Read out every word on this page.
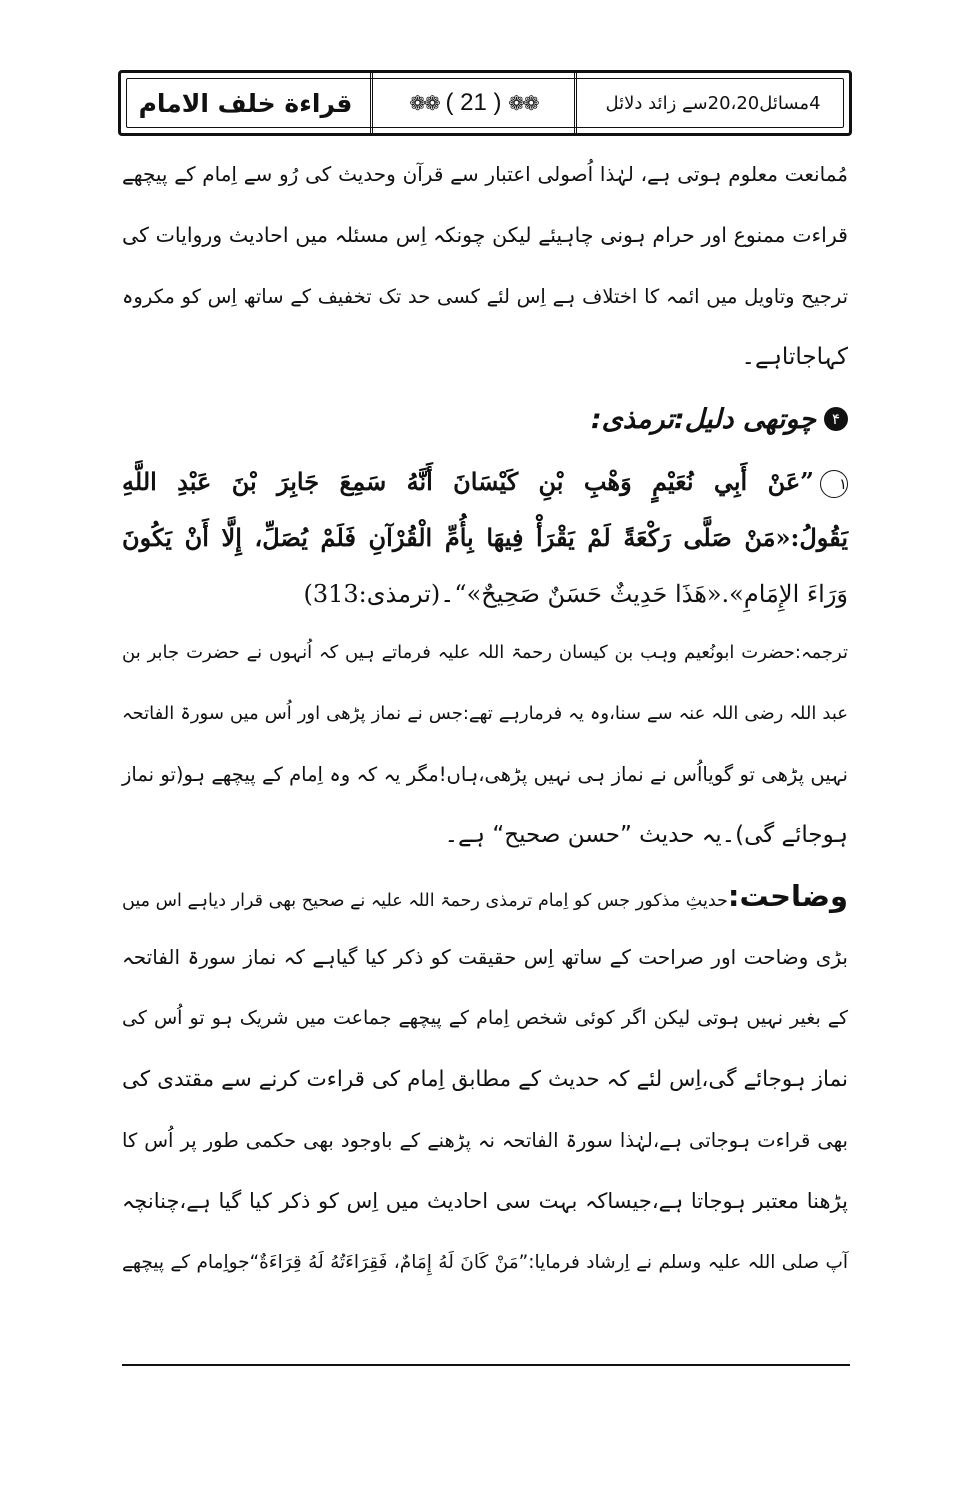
قراءة خلف الامام	❁❁ ( 21 ) ❁❁	4مسائل20،20سے زائد دلائل
مُمانعت معلوم ہوتی ہے، لہٰذا اُصولی اعتبار سے قرآن وحدیث کی رُو سے اِمام کے پیچھے
قراءت ممنوع اور حرام ہونی چاہیئے لیکن چونکہ اِس مسئلہ میں احادیث وروایات کی
ترجیح وتاویل میں ائمہ کا اختلاف ہے اِس لئے کسی حد تک تخفیف کے ساتھ اِس کو مکروہ
کہاجاتاہے۔
۴
چوتھی دلیل:ترمذی:
۱”عَنْ أَبِي نُعَيْمٍ وَهْبِ بْنِ كَيْسَانَ أَنَّهُ سَمِعَ جَابِرَ بْنَ عَبْدِ اللَّهِ
يَقُولُ:«مَنْ صَلَّى رَكْعَةً لَمْ يَقْرَأْ فِيهَا بِأُمِّ الْقُرْآنِ فَلَمْ يُصَلِّ، إِلَّا أَنْ يَكُونَ
وَرَاءَ الإِمَامِ».«هَذَا حَدِيثٌ حَسَنٌ صَحِيحٌ»“۔(ترمذی:313)
ترجمہ:حضرت ابونُعیم وہب بن کیسان رحمۃ اللہ علیہ فرماتے ہیں کہ اُنہوں نے حضرت جابر بن
عبد اللہ رضی اللہ عنہ سے سنا،وہ یہ فرمارہے تھے:جس نے نماز پڑھی اور اُس میں سورۃ الفاتحہ
نہیں پڑھی تو گویااُس نے نماز ہی نہیں پڑھی،ہاں!مگر یہ کہ وہ اِمام کے پیچھے ہو(تو نماز
ہوجائے گی)۔یہ حدیث ”حسن صحیح“ ہے۔
وضاحت:حدیثِ مذکور جس کو اِمام ترمذی رحمۃ اللہ علیہ نے صحیح بھی قرار دیاہے اس میں
بڑی وضاحت اور صراحت کے ساتھ اِس حقیقت کو ذکر کیا گیاہے کہ نماز سورۃ الفاتحہ
کے بغیر نہیں ہوتی لیکن اگر کوئی شخص اِمام کے پیچھے جماعت میں شریک ہو تو اُس کی
نماز ہوجائے گی،اِس لئے کہ حدیث کے مطابق اِمام کی قراءت کرنے سے مقتدی کی
بھی قراءت ہوجاتی ہے،لہٰذا سورۃ الفاتحہ نہ پڑھنے کے باوجود بھی حکمی طور پر اُس کا
پڑھنا معتبر ہوجاتا ہے،جیساکہ بہت سی احادیث میں اِس کو ذکر کیا گیا ہے،چنانچہ
آپ صلی اللہ علیہ وسلم نے اِرشاد فرمایا:”مَنْ كَانَ لَهُ إِمَامٌ، فَقِرَاءَتُهُ لَهُ قِرَاءَةٌ“جواِمام کے پیچھے
